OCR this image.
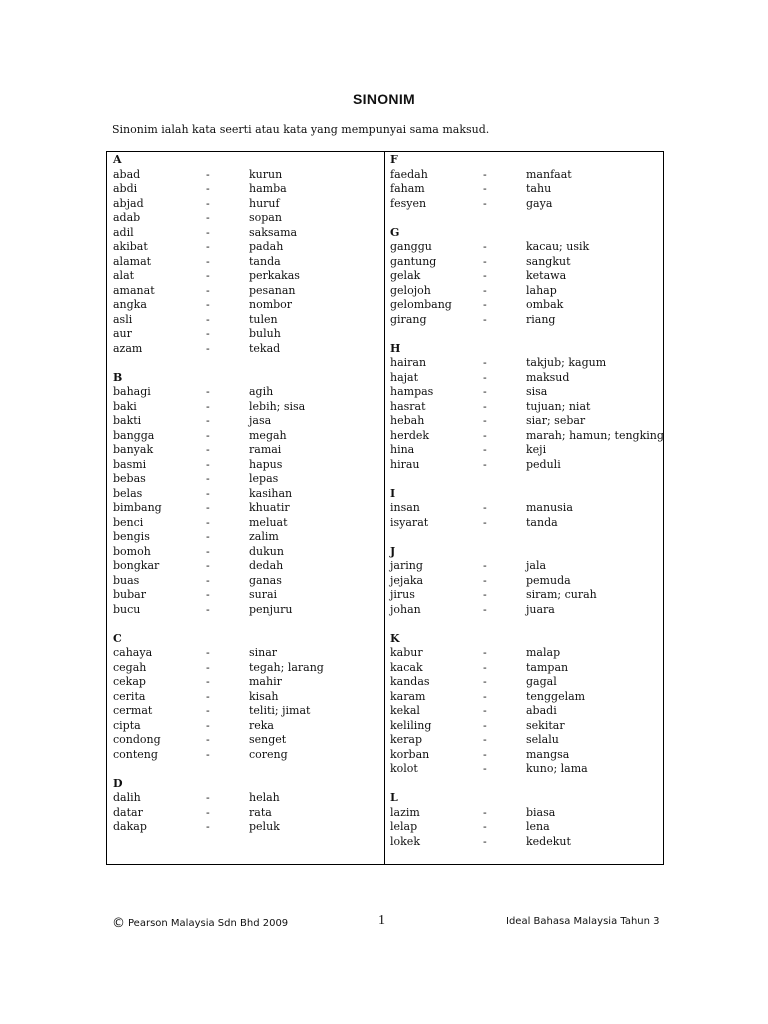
SINONIM
Sinonim ialah kata seerti atau kata yang mempunyai sama maksud.
A
abad	-	kurun
abdi	-	hamba
abjad	-	huruf
adab	-	sopan
adil	-	saksama
akibat	-	padah
alamat	-	tanda
alat	-	perkakas
amanat	-	pesanan
angka	-	nombor
asli	-	tulen
aur	-	buluh
azam	-	tekad
B
bahagi	-	agih
baki	-	lebih; sisa
bakti	-	jasa
bangga	-	megah
banyak	-	ramai
basmi	-	hapus
bebas	-	lepas
belas	-	kasihan
bimbang	-	khuatir
benci	-	meluat
bengis	-	zalim
bomoh	-	dukun
bongkar	-	dedah
buas	-	ganas
bubar	-	surai
bucu	-	penjuru
C
cahaya	-	sinar
cegah	-	tegah; larang
cekap	-	mahir
cerita	-	kisah
cermat	-	teliti; jimat
cipta	-	reka
condong	-	senget
conteng	-	coreng
D
dalih	-	helah
datar	-	rata
dakap	-	peluk
F
faedah	-	manfaat
faham	-	tahu
fesyen	-	gaya
G
ganggu	-	kacau; usik
gantung	-	sangkut
gelak	-	ketawa
gelojoh	-	lahap
gelombang	-	ombak
girang	-	riang
H
hairan	-	takjub; kagum
hajat	-	maksud
hampas	-	sisa
hasrat	-	tujuan; niat
hebah	-	siar; sebar
herdek	-	marah; hamun; tengking
hina	-	keji
hirau	-	peduli
I
insan	-	manusia
isyarat	-	tanda
J
jaring	-	jala
jejaka	-	pemuda
jirus	-	siram; curah
johan	-	juara
K
kabur	-	malap
kacak	-	tampan
kandas	-	gagal
karam	-	tenggelam
kekal	-	abadi
keliling	-	sekitar
kerap	-	selalu
korban	-	mangsa
kolot	-	kuno; lama
L
lazim	-	biasa
lelap	-	lena
lokek	-	kedekut
© Pearson Malaysia Sdn Bhd 2009	1	Ideal Bahasa Malaysia Tahun 3
